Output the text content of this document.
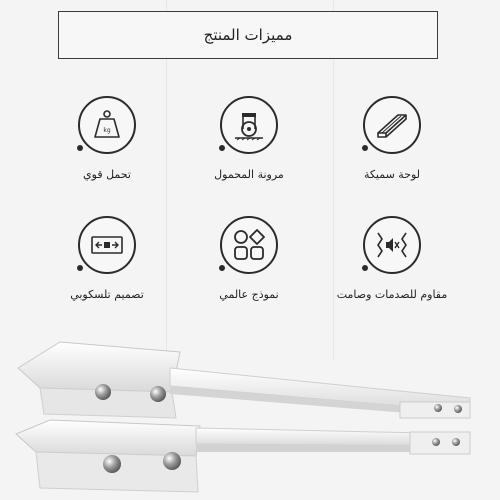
مميزات المنتج
kg
تحمل قوي	مرونة المحمول	لوحة سميكة
تصميم تلسكوبي	نموذج عالمي	مقاوم للصدمات وصامت
